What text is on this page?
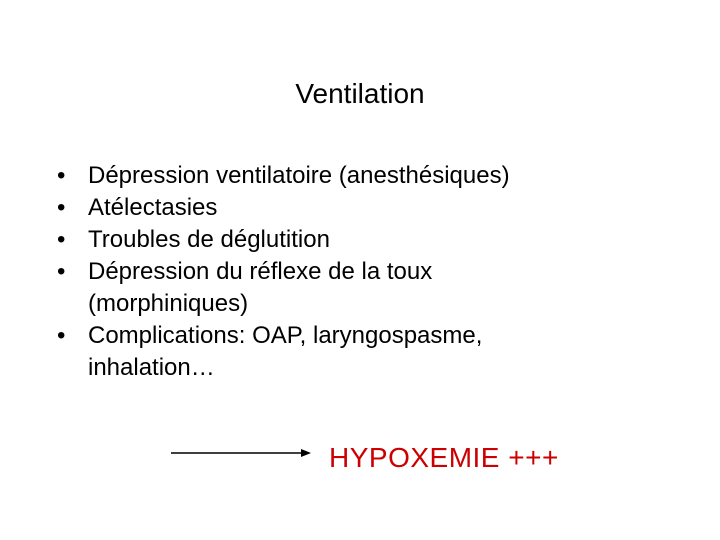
Ventilation
• Dépression ventilatoire (anesthésiques)
• Atélectasies
• Troubles de déglutition
• Dépression du réflexe de la toux (morphiniques)
• Complications: OAP, laryngospasme, inhalation…
HYPOXEMIE +++
